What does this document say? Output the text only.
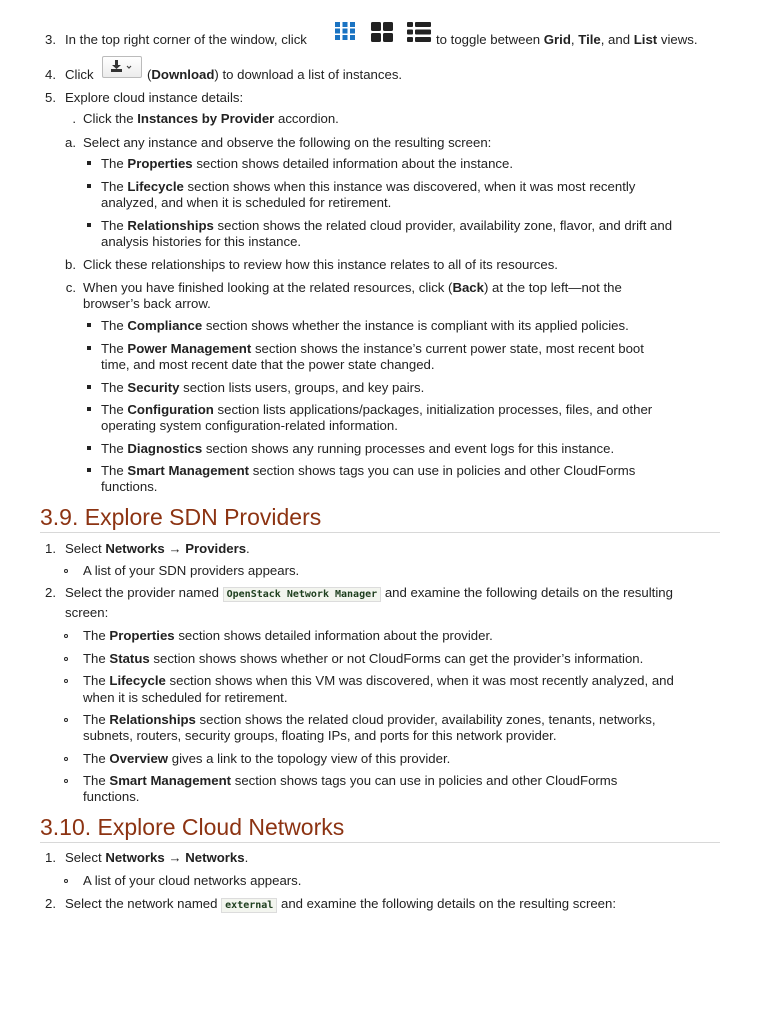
3. In the top right corner of the window, click	to toggle between Grid, Tile, and List views.
4. Click	(Download) to download a list of instances.
5. Explore cloud instance details:
. Click the Instances by Provider accordion.
a. Select any instance and observe the following on the resulting screen:
The Properties section shows detailed information about the instance.
The Lifecycle section shows when this instance was discovered, when it was most recently
analyzed, and when it is scheduled for retirement.
The Relationships section shows the related cloud provider, availability zone, flavor, and drift and
analysis histories for this instance.
b. Click these relationships to review how this instance relates to all of its resources.
c. When you have finished looking at the related resources, click (Back) at the top left—not the
browser’s back arrow.
The Compliance section shows whether the instance is compliant with its applied policies.
The Power Management section shows the instance’s current power state, most recent boot
time, and most recent date that the power state changed.
The Security section lists users, groups, and key pairs.
The Configuration section lists applications/packages, initialization processes, files, and other
operating system configuration-related information.
The Diagnostics section shows any running processes and event logs for this instance.
The Smart Management section shows tags you can use in policies and other CloudForms
functions.
3.9. Explore SDN Providers
1. Select Networks → Providers.
A list of your SDN providers appears.
2. Select the provider named OpenStack Network Manager and examine the following details on the resulting
screen:
The Properties section shows detailed information about the provider.
The Status section shows shows whether or not CloudForms can get the provider’s information.
The Lifecycle section shows when this VM was discovered, when it was most recently analyzed, and
when it is scheduled for retirement.
The Relationships section shows the related cloud provider, availability zones, tenants, networks,
subnets, routers, security groups, floating IPs, and ports for this network provider.
The Overview gives a link to the topology view of this provider.
The Smart Management section shows tags you can use in policies and other CloudForms
functions.
3.10. Explore Cloud Networks
1. Select Networks → Networks.
A list of your cloud networks appears.
2. Select the network named external and examine the following details on the resulting screen:
